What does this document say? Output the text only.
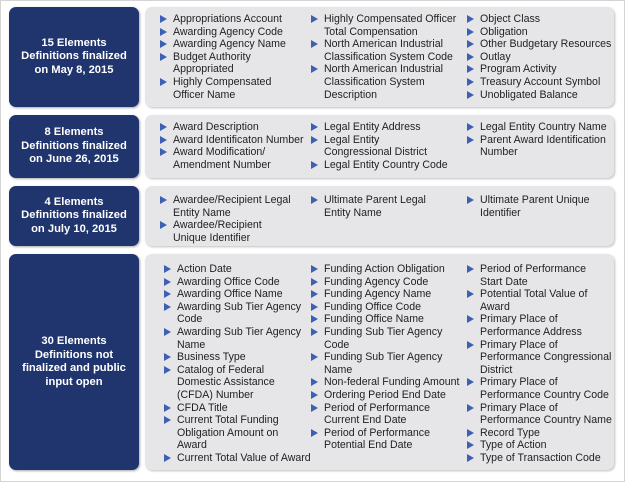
15 Elements
Definitions finalized
on May 8, 2015
Appropriations Account
Awarding Agency Code
Awarding Agency Name
Budget Authority
Appropriated
Highly Compensated
Officer Name
Highly Compensated Officer
Total Compensation
North American Industrial
Classification System Code
North American Industrial
Classification System
Description
Object Class
Obligation
Other Budgetary Resources
Outlay
Program Activity
Treasury Account Symbol
Unobligated Balance
8 Elements
Definitions finalized
on June 26, 2015
Award Description
Award Identificaton Number
Award Modification/
Amendment Number
Legal Entity Address
Legal Entity
Congressional District
Legal Entity Country Code
Legal Entity Country Name
Parent Award Identification
Number
4 Elements
Definitions finalized
on July 10, 2015
Awardee/Recipient Legal
Entity Name
Awardee/Recipient
Unique Identifier
Ultimate Parent Legal
Entity Name
Ultimate Parent Unique
Identifier
30 Elements
Definitions not
finalized and public
input open
Action Date
Awarding Office Code
Awarding Office Name
Awarding Sub Tier Agency
Code
Awarding Sub Tier Agency
Name
Business Type
Catalog of Federal
Domestic Assistance
(CFDA) Number
CFDA Title
Current Total Funding
Obligation Amount on
Award
Current Total Value of Award
Funding Action Obligation
Funding Agency Code
Funding Agency Name
Funding Office Code
Funding Office Name
Funding Sub Tier Agency
Code
Funding Sub Tier Agency
Name
Non-federal Funding Amount
Ordering Period End Date
Period of Performance
Current End Date
Period of Performance
Potential End Date
Period of Performance
Start Date
Potential Total Value of
Award
Primary Place of
Performance Address
Primary Place of
Performance Congressional
District
Primary Place of
Performance Country Code
Primary Place of
Performance Country Name
Record Type
Type of Action
Type of Transaction Code
